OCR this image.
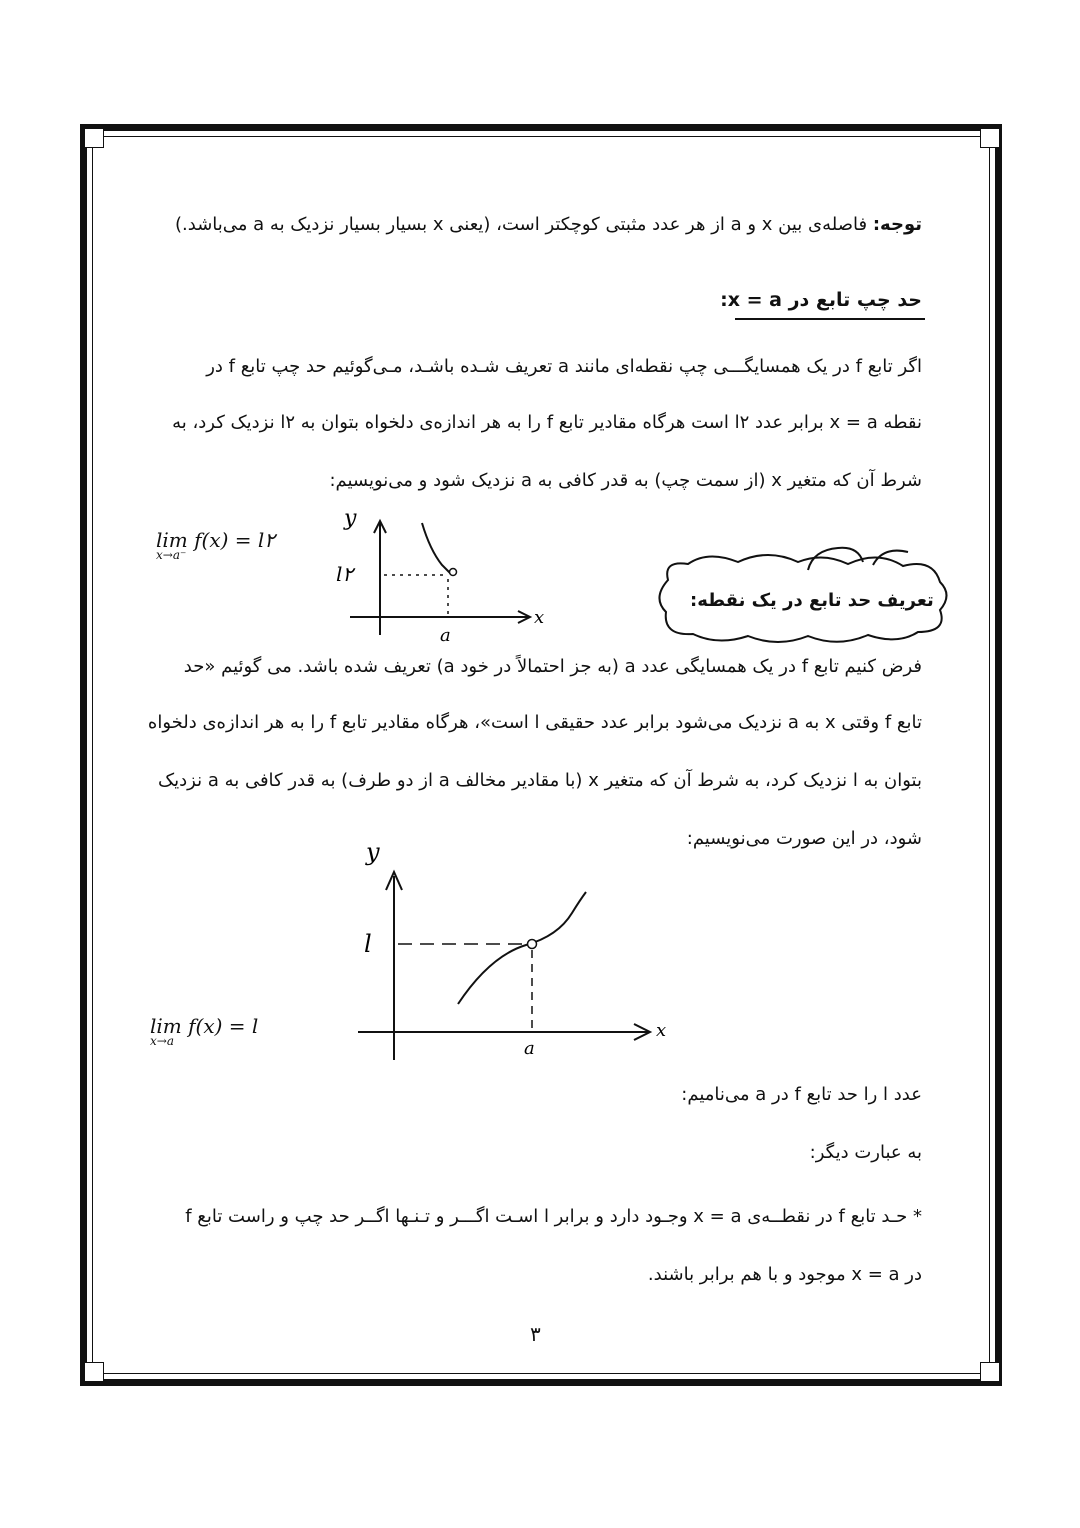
توجه: فاصله‌ی بین x و a از هر عدد مثبتی کوچکتر است، (یعنی x بسیار بسیار نزدیک به a می‌باشد.)
حد چپ تابع در x = a:
اگر تابع f در یک همسایگـــی چپ نقطه‌ای مانند a تعریف شـده باشـد، مـی‌گوئیم حد چپ تابع f در
نقطه x = a برابر عدد l۲ است هرگاه مقادیر تابع f را به هر اندازه‌ی دلخواه بتوان به l۲ نزدیک کرد، به
شرط آن که متغیر x (از سمت چپ) به قدر کافی به a نزدیک شود و می‌نویسیم:
lim f(x) = l۲
x→a⁻
y
x
l۲
a
تعریف حد تابع در یک نقطه:
فرض کنیم تابع f در یک همسایگی عدد a (به جز احتمالاً در خود a) تعریف شده باشد. می گوئیم «حد
تابع f وقتی x به a نزدیک می‌شود برابر عدد حقیقی l است»، هرگاه مقادیر تابع f را به هر اندازه‌ی دلخواه
بتوان به l نزدیک کرد، به شرط آن که متغیر x (با مقادیر مخالف a از دو طرف) به قدر کافی به a نزدیک
شود، در این صورت می‌نویسیم:
y
x
l
a
lim f(x) = l
x→a
عدد l را حد تابع f در a می‌نامیم:
به عبارت دیگر:
* حـد تابع f در نقطــه‌ی x = a وجـود دارد و برابر l اسـت اگـــر و تـنـها اگــر حد چپ و راست تابع f
در x = a موجود و با هم برابر باشند.
۳
